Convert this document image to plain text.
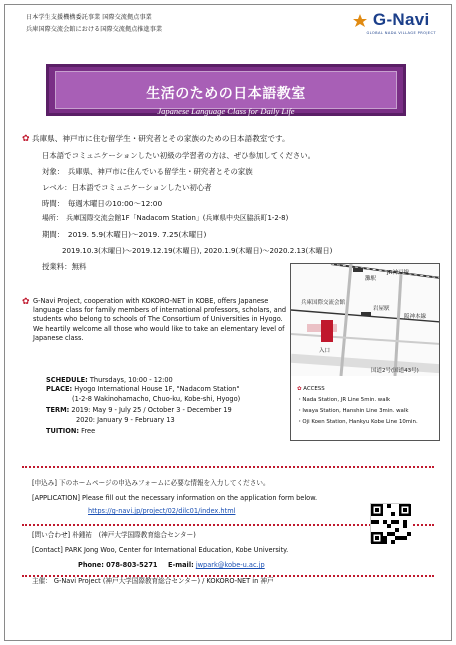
日本学生支援機構委託事業 国際交流拠点事業
兵庫国際交流会館における国際交流拠点推進事業
G-Navi
GLOBAL NADA VILLAGE PROJECT
生活のための日本語教室
Japanese Language Class for Daily Life
✿ 兵庫県、神戸市に住む留学生・研究者とその家族のための日本語教室です。
日本語でコミュニケーションしたい初級の学習者の方は、ぜひ参加してください。
対象：　兵庫県、神戸市に住んでいる留学生・研究者とその家族
レベル：日本語でコミュニケーションしたい初心者
時間：　毎週木曜日の10:00～12:00
場所：　兵庫国際交流会館1F「Nadacom Station」(兵庫県中央区脇浜町1-2-8)
期間：　2019. 5.9(木曜日)～2019. 7.25(木曜日)
2019.10.3(木曜日)～2019.12.19(木曜日), 2020.1.9(木曜日)～2020.2.13(木曜日)
授業料：無料
✿ G-Navi Project, cooperation with KOKORO-NET in KOBE, offers Japanese language class for family members of international professors, scholars, and students who belong to schools of The Consortium of Universities in Hyogo. We heartily welcome all those who would like to take an elementary level of Japanese class.
SCHEDULE: Thursdays, 10:00 - 12:00
PLACE: Hyogo International House 1F, "Nadacom Station"
(1-2-8 Wakinohamacho, Chuo-ku, Kobe-shi, Hyogo)
TERM: 2019: May 9 - July 25 / October 3 - December 19
2020: January 9 - February 13
TUITION: Free
JR神戸線
阪神本線
国道2号(国道43号)
灘駅
岩屋駅
兵庫国際交流会館
入口
✿ ACCESS
・Nada Station, JR Line 5min. walk
・Iwaya Station, Hanshin Line 3min. walk
・Oji Koen Station, Hankyu Kobe Line 10min.
[申込み] 下のホームページの申込みフォームに必要な情報を入力してください。
[APPLICATION] Please fill out the necessary information on the application form below.
https://g-navi.jp/project/02/dilc01/index.html
[問い合わせ] 朴鍾祐　(神戸大学国際教育総合センター)
[Contact] PARK Jong Woo, Center for International Education, Kobe University.
Phone: 078-803-5271 E-mail: jwpark@kobe-u.ac.jp
主催： G-Navi Project (神戸大学国際教育総合センター) / KOKORO-NET in 神戸
